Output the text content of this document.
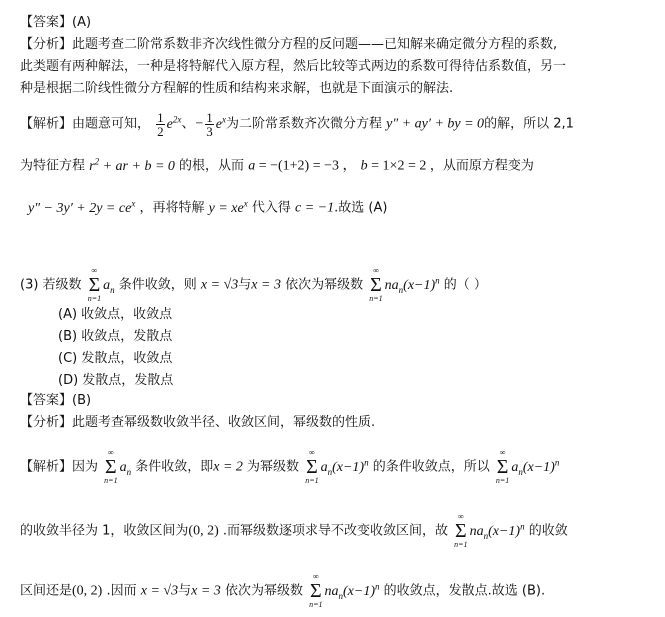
【答案】(A)
【分析】此题考查二阶常系数非齐次线性微分方程的反问题——已知解来确定微分方程的系数,
此类题有两种解法，一种是将特解代入原方程，然后比较等式两边的系数可得待估系数值，另一
种是根据二阶线性微分方程解的性质和结构来求解，也就是下面演示的解法.
【解析】由题意可知， $\frac{1}{2} e^{2x}$、− $\frac{1}{3} e^x$为二阶常系数齐次微分方程 y″ + ay′ + by = 0的解，所以 2,1
为特征方程 $r^2$ + ar + b = 0 的根，从而 a = −(1+2) = −3 ， b = 1×2 = 2 ，从而原方程变为
$y'' - 3y' + 2y = ce^x$ ，再将特解 $y = xe^x$ 代入得 c = −1.故选 (A)
(3) 若级数
∞
Σ
n=1
$a_n$ 条件收敛，则 x = √3与x = 3 依次为幂级数
∞
Σ
n=1
$na_n(x-1)^n$ 的（ ）
(A) 收敛点，收敛点
(B) 收敛点，发散点
(C) 发散点，收敛点
(D) 发散点，发散点
【答案】(B)
【分析】此题考查幂级数收敛半径、收敛区间，幂级数的性质.
【解析】因为
∞
Σ
n=1
$a_n$ 条件收敛，即x = 2 为幂级数
∞
Σ
n=1
$a_n(x-1)^n$ 的条件收敛点，所以
∞
Σ
n=1
$a_n(x-1)^n$
的收敛半径为 1，收敛区间为(0, 2) .而幂级数逐项求导不改变收敛区间，故
∞
Σ
n=1
$na_n(x-1)^n$ 的收敛
区间还是(0, 2) .因而 x = √3与x = 3 依次为幂级数
∞
Σ
n=1
$na_n(x-1)^n$ 的收敛点，发散点.故选 (B).
